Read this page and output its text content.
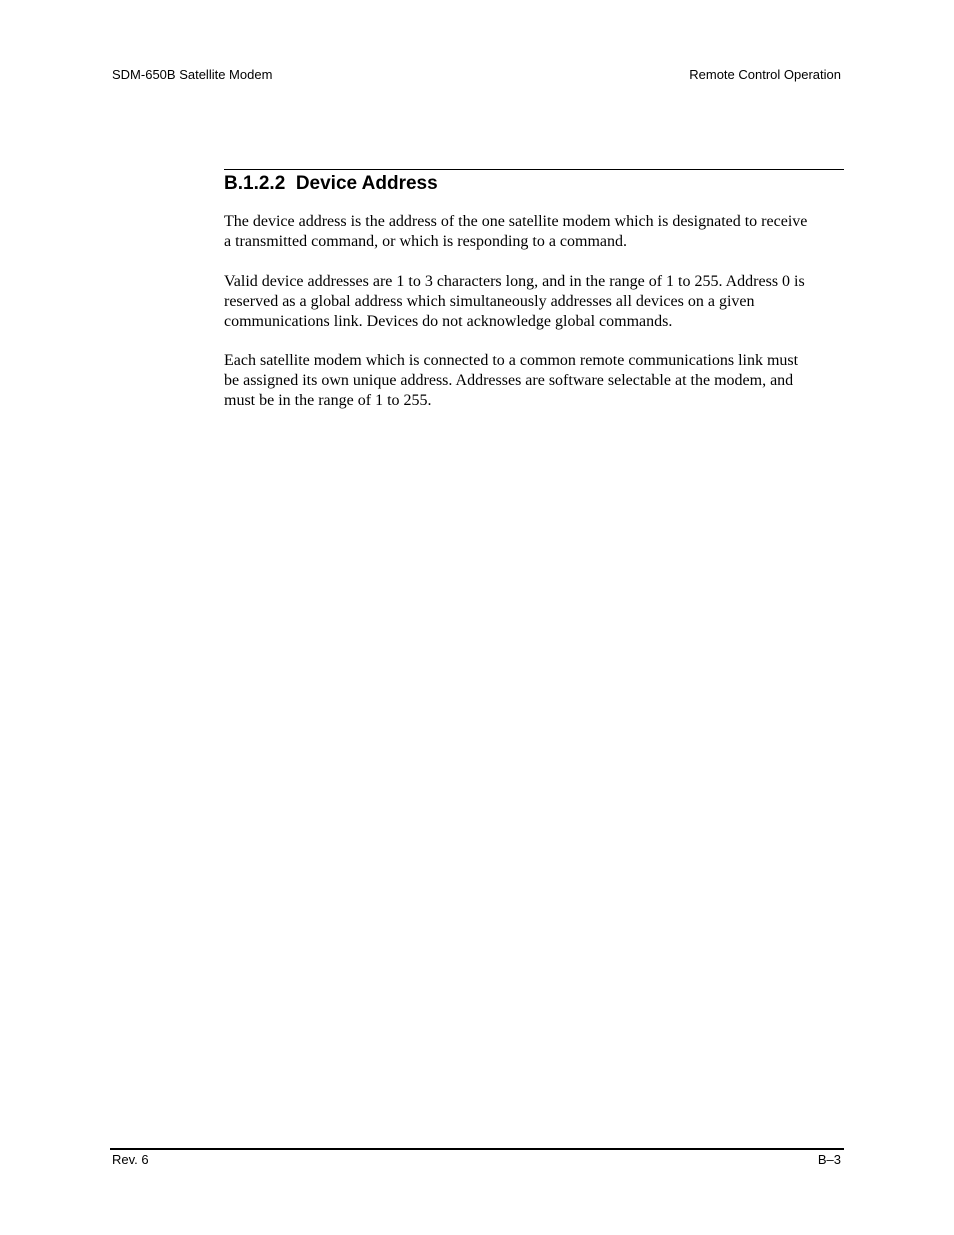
SDM-650B Satellite Modem	Remote Control Operation
B.1.2.2  Device Address

The device address is the address of the one satellite modem which is designated to receive
a transmitted command, or which is responding to a command.

Valid device addresses are 1 to 3 characters long, and in the range of 1 to 255. Address 0 is
reserved as a global address which simultaneously addresses all devices on a given
communications link. Devices do not acknowledge global commands.

Each satellite modem which is connected to a common remote communications link must
be assigned its own unique address. Addresses are software selectable at the modem, and
must be in the range of 1 to 255.

Rev. 6	B–3
